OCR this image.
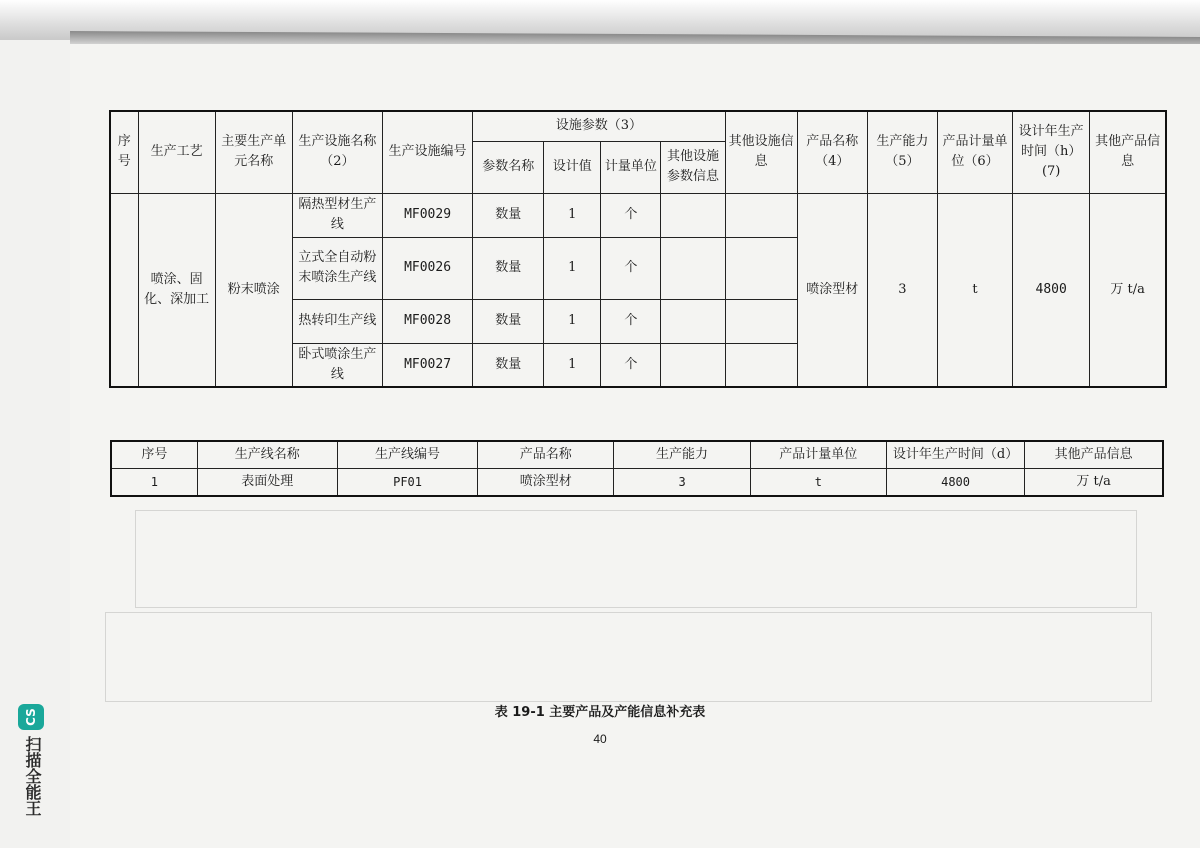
序号	生产工艺	主要生产单元名称	生产设施名称（2）	生产设施编号	设施参数（3）				其他设施信息	产品名称（4）	生产能力（5）	产品计量单位（6）	设计年生产时间（h）(7)	其他产品信息
					参数名称	设计值	计量单位	其他设施参数信息						
	喷涂、固化、深加工	粉末喷涂	隔热型材生产线	MF0029	数量	1	个			喷涂型材	3	t	4800	万 t/a
			立式全自动粉末喷涂生产线	MF0026	数量	1	个							
			热转印生产线	MF0028	数量	1	个							
			卧式喷涂生产线	MF0027	数量	1	个							
序号	生产线名称	生产线编号	产品名称	生产能力	产品计量单位	设计年生产时间（d）	其他产品信息
1	表面处理	PF01	喷涂型材	3	t	4800	万 t/a
表 19-1 主要产品及产能信息补充表
40
CS
扫描全能王
